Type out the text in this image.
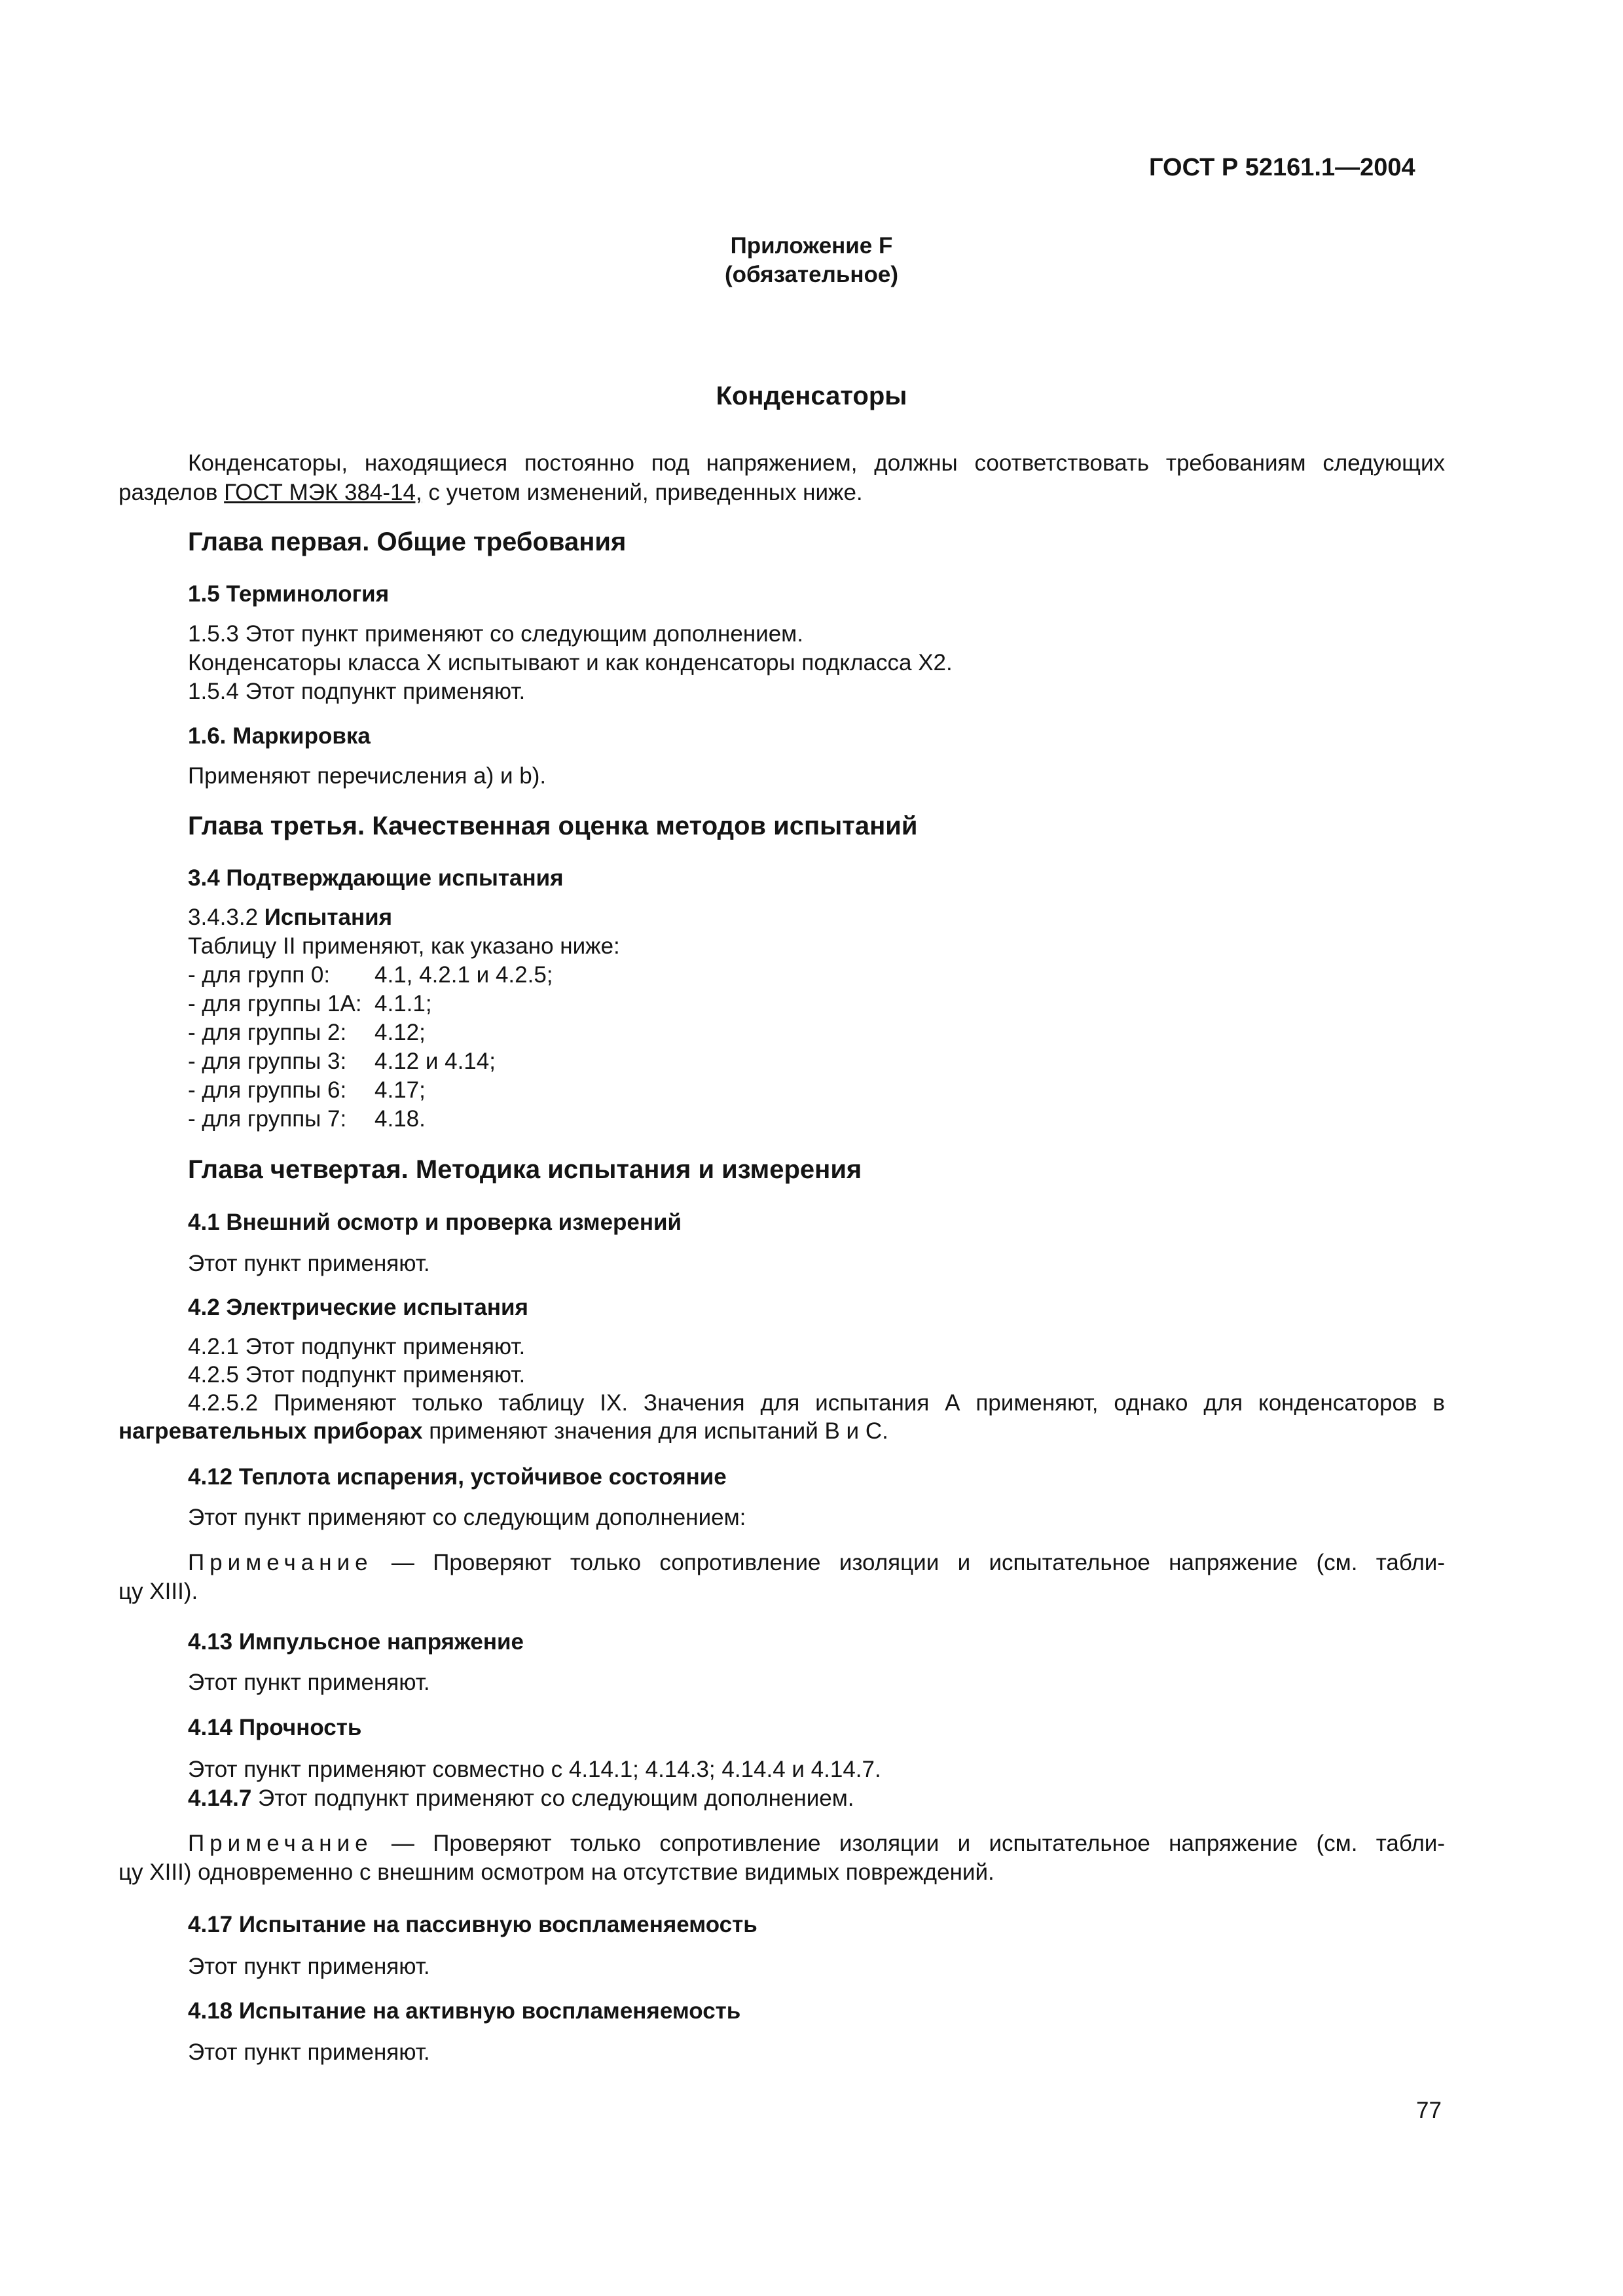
ГОСТ Р 52161.1—2004
Приложение F
(обязательное)
Конденсаторы
Конденсаторы, находящиеся постоянно под напряжением, должны соответствовать требованиям следующих
разделов ГОСТ МЭК 384-14, с учетом изменений, приведенных ниже.
Глава первая. Общие требования
1.5 Терминология
1.5.3 Этот пункт применяют со следующим дополнением.
Конденсаторы класса Х испытывают и как конденсаторы подкласса Х2.
1.5.4 Этот подпункт применяют.
1.6. Маркировка
Применяют перечисления а) и b).
Глава третья. Качественная оценка методов испытаний
3.4 Подтверждающие испытания
3.4.3.2 Испытания
Таблицу II применяют, как указано ниже:
- для групп 0: 4.1, 4.2.1 и 4.2.5;
- для группы 1А: 4.1.1;
- для группы 2: 4.12;
- для группы 3: 4.12 и 4.14;
- для группы 6: 4.17;
- для группы 7: 4.18.
Глава четвертая. Методика испытания и измерения
4.1 Внешний осмотр и проверка измерений
Этот пункт применяют.
4.2 Электрические испытания
4.2.1 Этот подпункт применяют.
4.2.5 Этот подпункт применяют.
4.2.5.2 Применяют только таблицу IX. Значения для испытания А применяют, однако для конденсаторов в
нагревательных приборах применяют значения для испытаний В и С.
4.12 Теплота испарения, устойчивое состояние
Этот пункт применяют со следующим дополнением:
Примечание — Проверяют только сопротивление изоляции и испытательное напряжение (см. табли-
цу XIII).
4.13 Импульсное напряжение
Этот пункт применяют.
4.14 Прочность
Этот пункт применяют совместно с 4.14.1; 4.14.3; 4.14.4 и 4.14.7.
4.14.7 Этот подпункт применяют со следующим дополнением.
Примечание — Проверяют только сопротивление изоляции и испытательное напряжение (см. табли-
цу XIII) одновременно с внешним осмотром на отсутствие видимых повреждений.
4.17 Испытание на пассивную воспламеняемость
Этот пункт применяют.
4.18 Испытание на активную воспламеняемость
Этот пункт применяют.
77
